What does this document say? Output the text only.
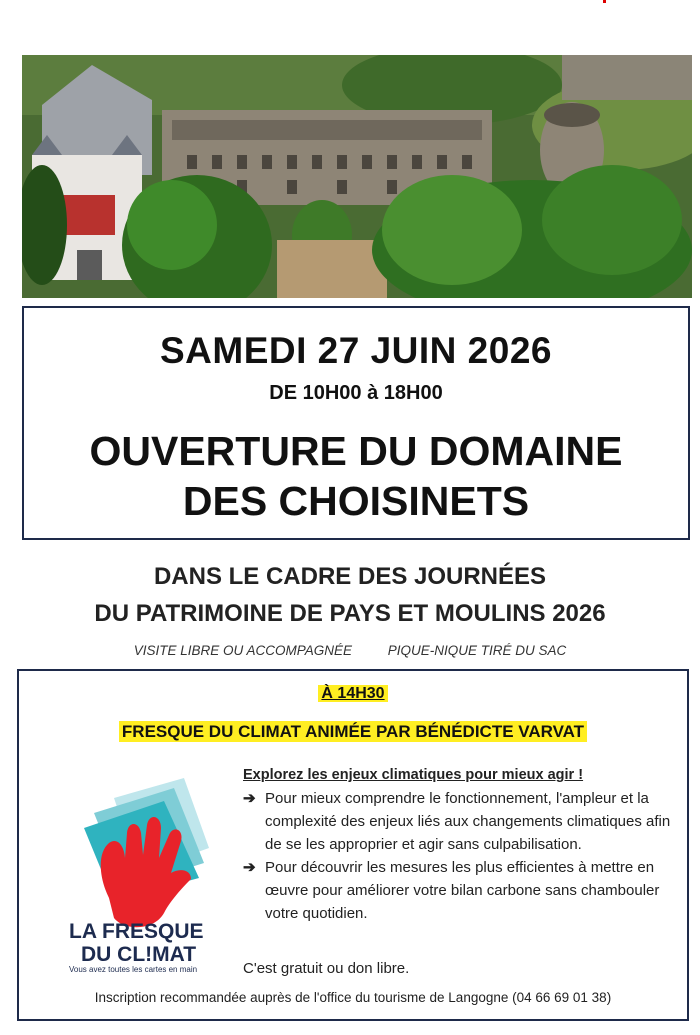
SAMEDI 27 JUIN 2026
DE 10H00 à 18H00
OUVERTURE DU DOMAINE
DES CHOISINETS
DANS LE CADRE DES JOURNÉES
DU PATRIMOINE DE PAYS ET MOULINS 2026
VISITE LIBRE OU ACCOMPAGNÉE	PIQUE-NIQUE TIRÉ DU SAC
À 14H30
FRESQUE DU CLIMAT ANIMÉE PAR BÉNÉDICTE VARVAT
LA FRESQUE
DU CL!MAT
Vous avez toutes les cartes en main
Explorez les enjeux climatiques pour mieux agir !
➔ Pour mieux comprendre le fonctionnement, l'ampleur et la complexité des enjeux liés aux changements climatiques afin de se les approprier et agir sans culpabilisation.
➔ Pour découvrir les mesures les plus efficientes à mettre en œuvre pour améliorer votre bilan carbone sans chambouler votre quotidien.
C'est gratuit ou don libre.
Inscription recommandée auprès de l'office du tourisme de Langogne (04 66 69 01 38)
